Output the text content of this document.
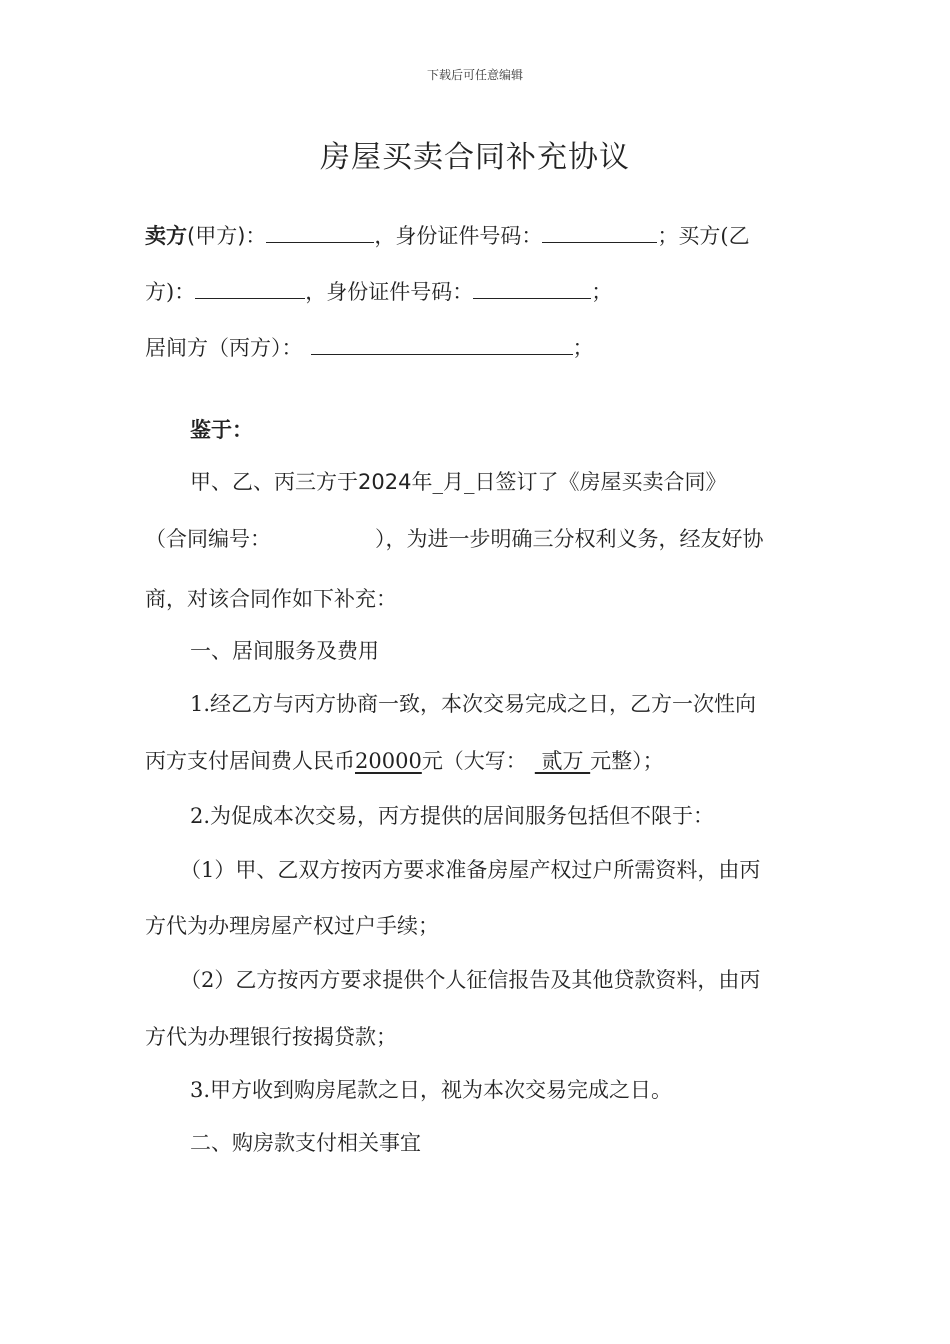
下载后可任意编辑
房屋买卖合同补充协议
卖方(甲方)：	，身份证件号码：	；买方(乙
方)：	，身份证件号码：	；
居间方（丙方）：	；
鉴于：
甲、乙、丙三方于2024年_月_日签订了《房屋买卖合同》
（合同编号：	），为进一步明确三分权利义务，经友好协
商，对该合同作如下补充：
一、居间服务及费用
1.经乙方与丙方协商一致，本次交易完成之日，乙方一次性向
丙方支付居间费人民币20000元（大写： 贰万 元整）；
2.为促成本次交易，丙方提供的居间服务包括但不限于：
（1）甲、乙双方按丙方要求准备房屋产权过户所需资料，由丙
方代为办理房屋产权过户手续；
（2）乙方按丙方要求提供个人征信报告及其他贷款资料，由丙
方代为办理银行按揭贷款；
3.甲方收到购房尾款之日，视为本次交易完成之日。
二、购房款支付相关事宜
